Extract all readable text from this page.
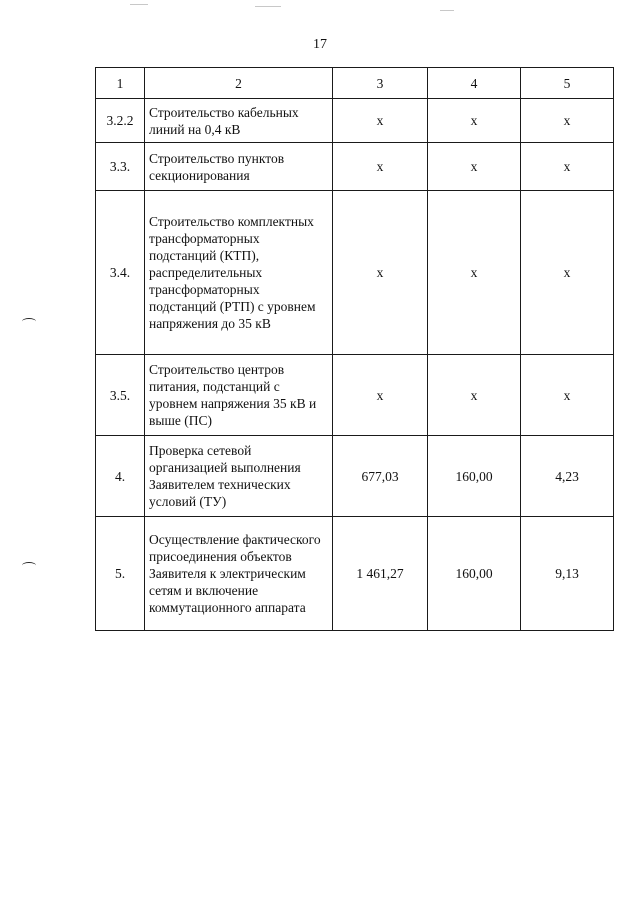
17
1	2	3	4	5
3.2.2	Строительство кабельных линий на 0,4 кВ	х	х	х
3.3.	Строительство пунктов секционирования	х	х	х
3.4.	Строительство комплектных трансформаторных подстанций (КТП), распределительных трансформаторных подстанций (РТП) с уровнем напряжения до 35 кВ	х	х	х
3.5.	Строительство центров питания, подстанций с уровнем напряжения 35 кВ и выше (ПС)	х	х	х
4.	Проверка сетевой организацией выполнения Заявителем технических условий (ТУ)	677,03	160,00	4,23
5.	Осуществление фактического присоединения объектов Заявителя к электрическим сетям и включение коммутационного аппарата	1 461,27	160,00	9,13
